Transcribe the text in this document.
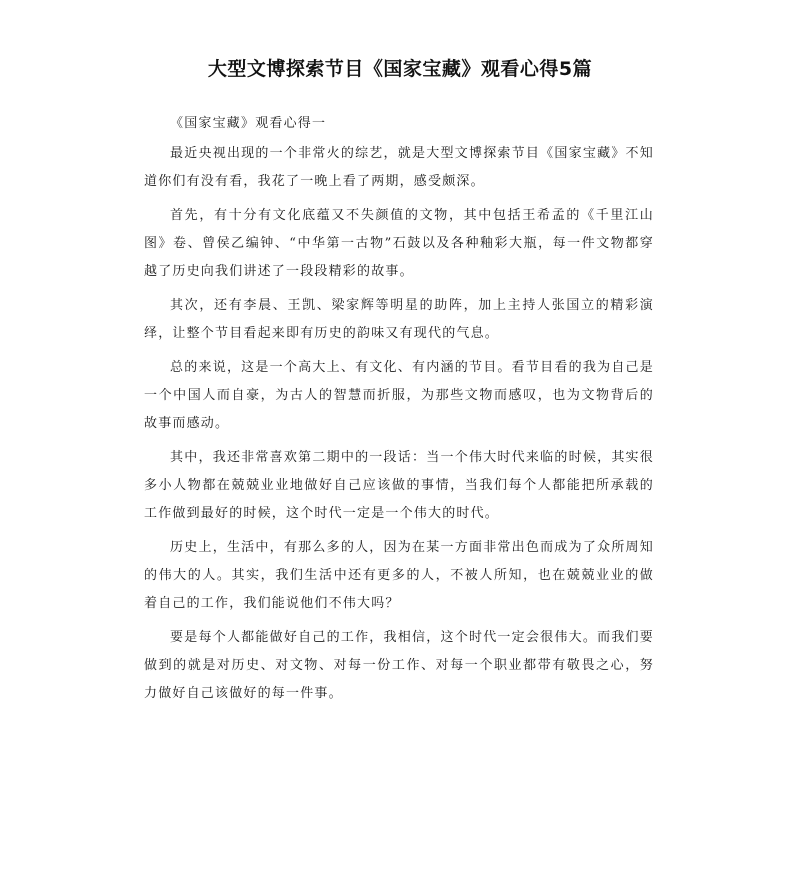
大型文博探索节目《国家宝藏》观看心得5篇

《国家宝藏》观看心得一

最近央视出现的一个非常火的综艺，就是大型文博探索节目《国家宝藏》不知道你们有没有看，我花了一晚上看了两期，感受颇深。

首先，有十分有文化底蕴又不失颜值的文物，其中包括王希孟的《千里江山图》卷、曾侯乙编钟、“中华第一古物”石鼓以及各种釉彩大瓶，每一件文物都穿越了历史向我们讲述了一段段精彩的故事。

其次，还有李晨、王凯、梁家辉等明星的助阵，加上主持人张国立的精彩演绎，让整个节目看起来即有历史的韵味又有现代的气息。

总的来说，这是一个高大上、有文化、有内涵的节目。看节目看的我为自己是一个中国人而自豪，为古人的智慧而折服，为那些文物而感叹，也为文物背后的故事而感动。

其中，我还非常喜欢第二期中的一段话：当一个伟大时代来临的时候，其实很多小人物都在兢兢业业地做好自己应该做的事情，当我们每个人都能把所承载的工作做到最好的时候，这个时代一定是一个伟大的时代。

历史上，生活中，有那么多的人，因为在某一方面非常出色而成为了众所周知的伟大的人。其实，我们生活中还有更多的人，不被人所知，也在兢兢业业的做着自己的工作，我们能说他们不伟大吗？

要是每个人都能做好自己的工作，我相信，这个时代一定会很伟大。而我们要做到的就是对历史、对文物、对每一份工作、对每一个职业都带有敬畏之心，努力做好自己该做好的每一件事。
